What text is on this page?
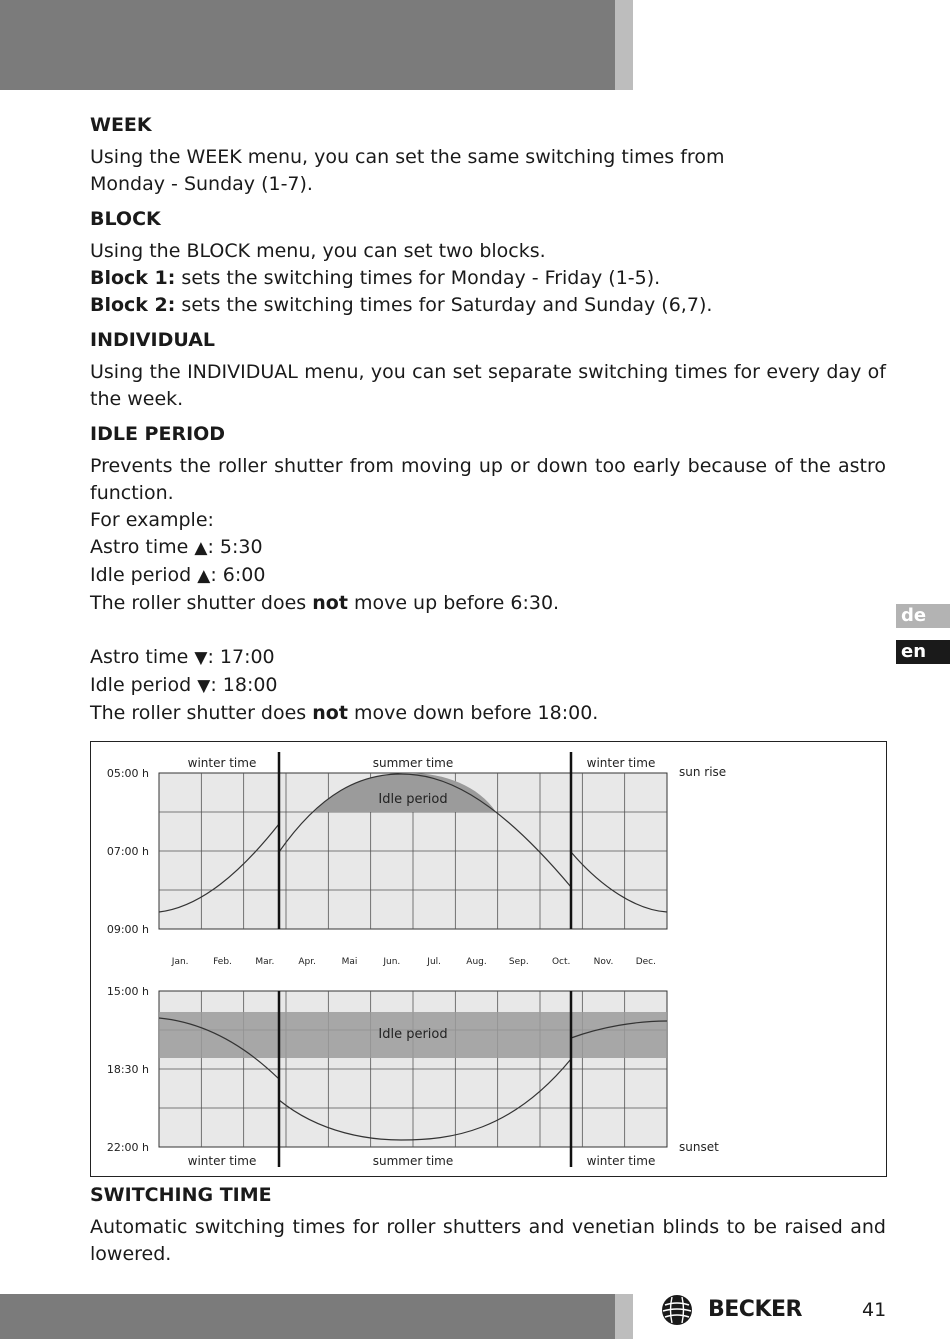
WEEK

Using the WEEK menu, you can set the same switching times from
Monday - Sunday (1-7).

BLOCK

Using the BLOCK menu, you can set two blocks.
Block 1: sets the switching times for Monday - Friday (1-5).
Block 2: sets the switching times for Saturday and Sunday (6,7).

INDIVIDUAL

Using the INDIVIDUAL menu, you can set separate switching times for every day of the week.

IDLE PERIOD

Prevents the roller shutter from moving up or down too early because of the astro function.
For example:
Astro time ▲: 5:30
Idle period ▲: 6:00
The roller shutter does not move up before 6:30.
Astro time ▼: 17:00
Idle period ▼: 18:00
The roller shutter does not move down before 18:00.

de
en
Idle period
05:00 h
07:00 h
09:00 h
winter time	summer time	winter time
sun rise
Jan.	Feb.	Mar.	Apr.	Mai	Jun.	Jul.	Aug. Sep.	Oct.	Nov. Dec.
Idle period
15:00 h
18:30 h
22:00 h
winter time	summer time	winter time
sunset
SWITCHING TIME

Automatic switching times for roller shutters and venetian blinds to be raised and lowered.

BECKER	41
